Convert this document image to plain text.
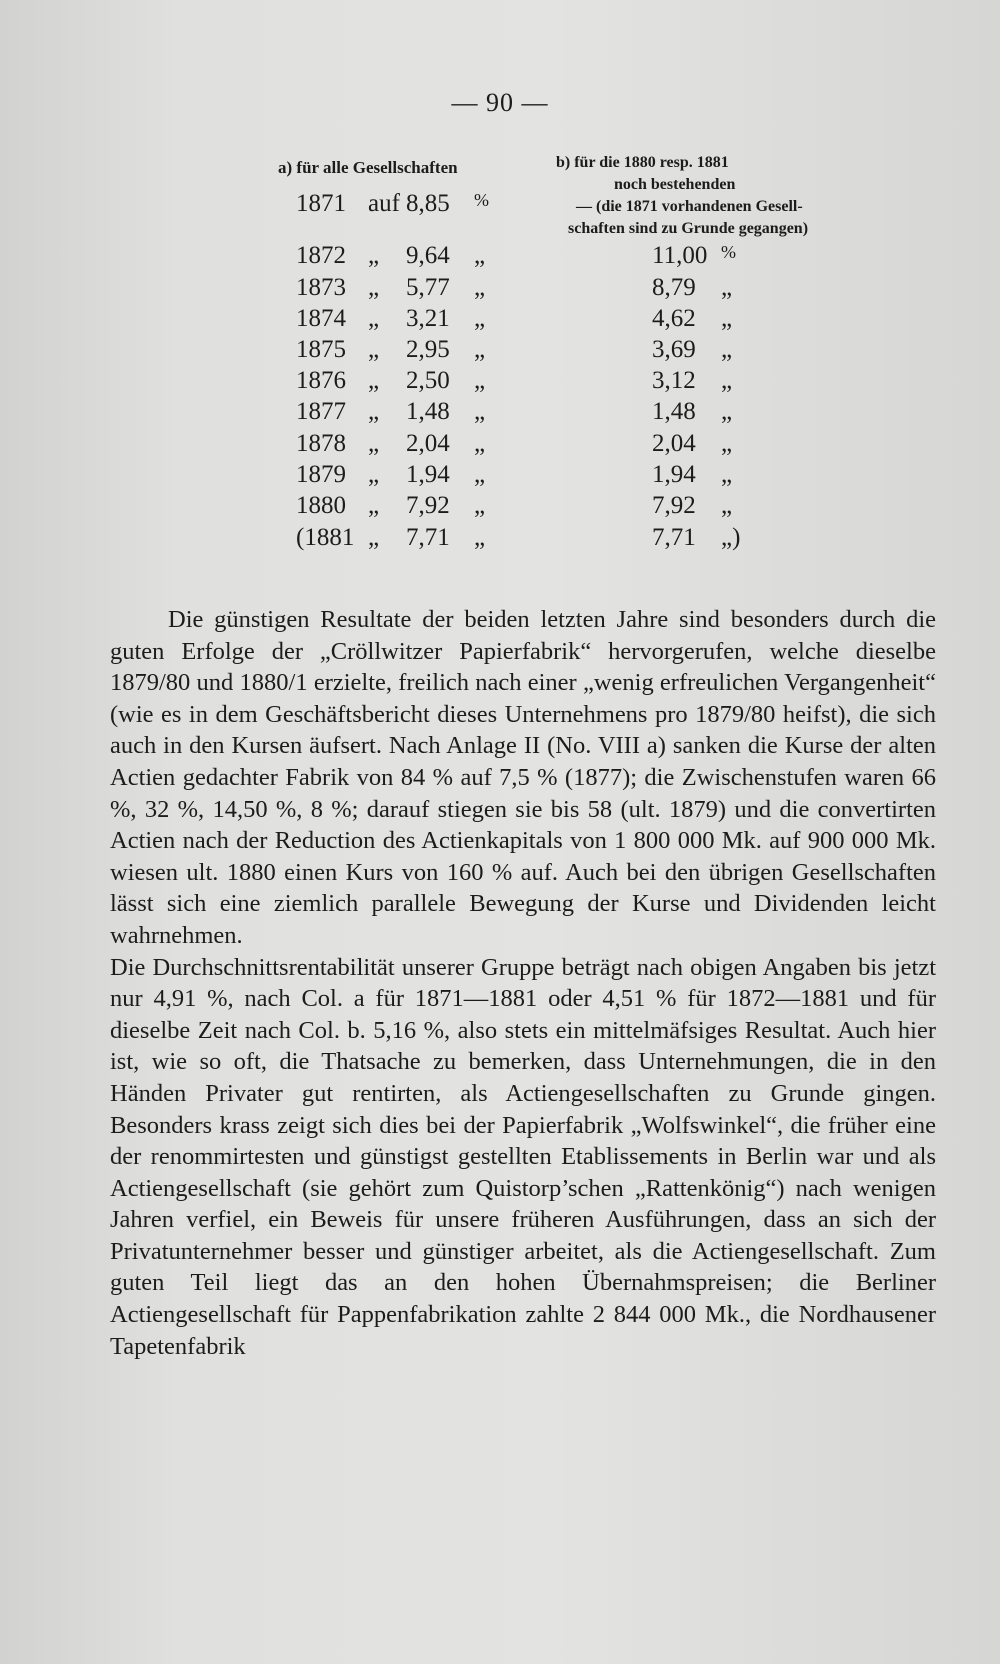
— 90 —
a) für alle Gesellschaften	b) für die 1880 resp. 1881
noch bestehenden
— (die 1871 vorhandenen Gesell-
schaften sind zu Grunde gegangen)
1871 auf 8,85 %
1872 „ 9,64 „	11,00 %
1873 „ 5,77 „	8,79 „
1874 „ 3,21 „	4,62 „
1875 „ 2,95 „	3,69 „
1876 „ 2,50 „	3,12 „
1877 „ 1,48 „	1,48 „
1878 „ 2,04 „	2,04 „
1879 „ 1,94 „	1,94 „
1880 „ 7,92 „	7,92 „
(1881 „ 7,71 „	7,71 „)

Die günstigen Resultate der beiden letzten Jahre sind besonders durch die guten Erfolge der „Cröllwitzer Papierfabrik“ hervorgerufen, welche dieselbe 1879/80 und 1880/1 erzielte, freilich nach einer „wenig erfreulichen Vergangenheit“ (wie es in dem Geschäftsbericht dieses Unternehmens pro 1879/80 heifst), die sich auch in den Kursen äufsert. Nach Anlage II (No. VIII a) sanken die Kurse der alten Actien gedachter Fabrik von 84 % auf 7,5 % (1877); die Zwischenstufen waren 66 %, 32 %, 14,50 %, 8 %; darauf stiegen sie bis 58 (ult. 1879) und die convertirten Actien nach der Reduction des Actienkapitals von 1 800 000 Mk. auf 900 000 Mk. wiesen ult. 1880 einen Kurs von 160 % auf. Auch bei den übrigen Gesellschaften lässt sich eine ziemlich parallele Bewegung der Kurse und Dividenden leicht wahrnehmen.

Die Durchschnittsrentabilität unserer Gruppe beträgt nach obigen Angaben bis jetzt nur 4,91 %, nach Col. a für 1871—1881 oder 4,51 % für 1872—1881 und für dieselbe Zeit nach Col. b. 5,16 %, also stets ein mittelmäfsiges Resultat. Auch hier ist, wie so oft, die Thatsache zu bemerken, dass Unternehmungen, die in den Händen Privater gut rentirten, als Actiengesellschaften zu Grunde gingen. Besonders krass zeigt sich dies bei der Papierfabrik „Wolfswinkel“, die früher eine der renommirtesten und günstigst gestellten Etablissements in Berlin war und als Actiengesellschaft (sie gehört zum Quistorp’schen „Rattenkönig“) nach wenigen Jahren verfiel, ein Beweis für unsere früheren Ausführungen, dass an sich der Privatunternehmer besser und günstiger arbeitet, als die Actiengesellschaft. Zum guten Teil liegt das an den hohen Übernahmspreisen; die Berliner Actiengesellschaft für Pappenfabrikation zahlte 2 844 000 Mk., die Nordhausener Tapetenfabrik
